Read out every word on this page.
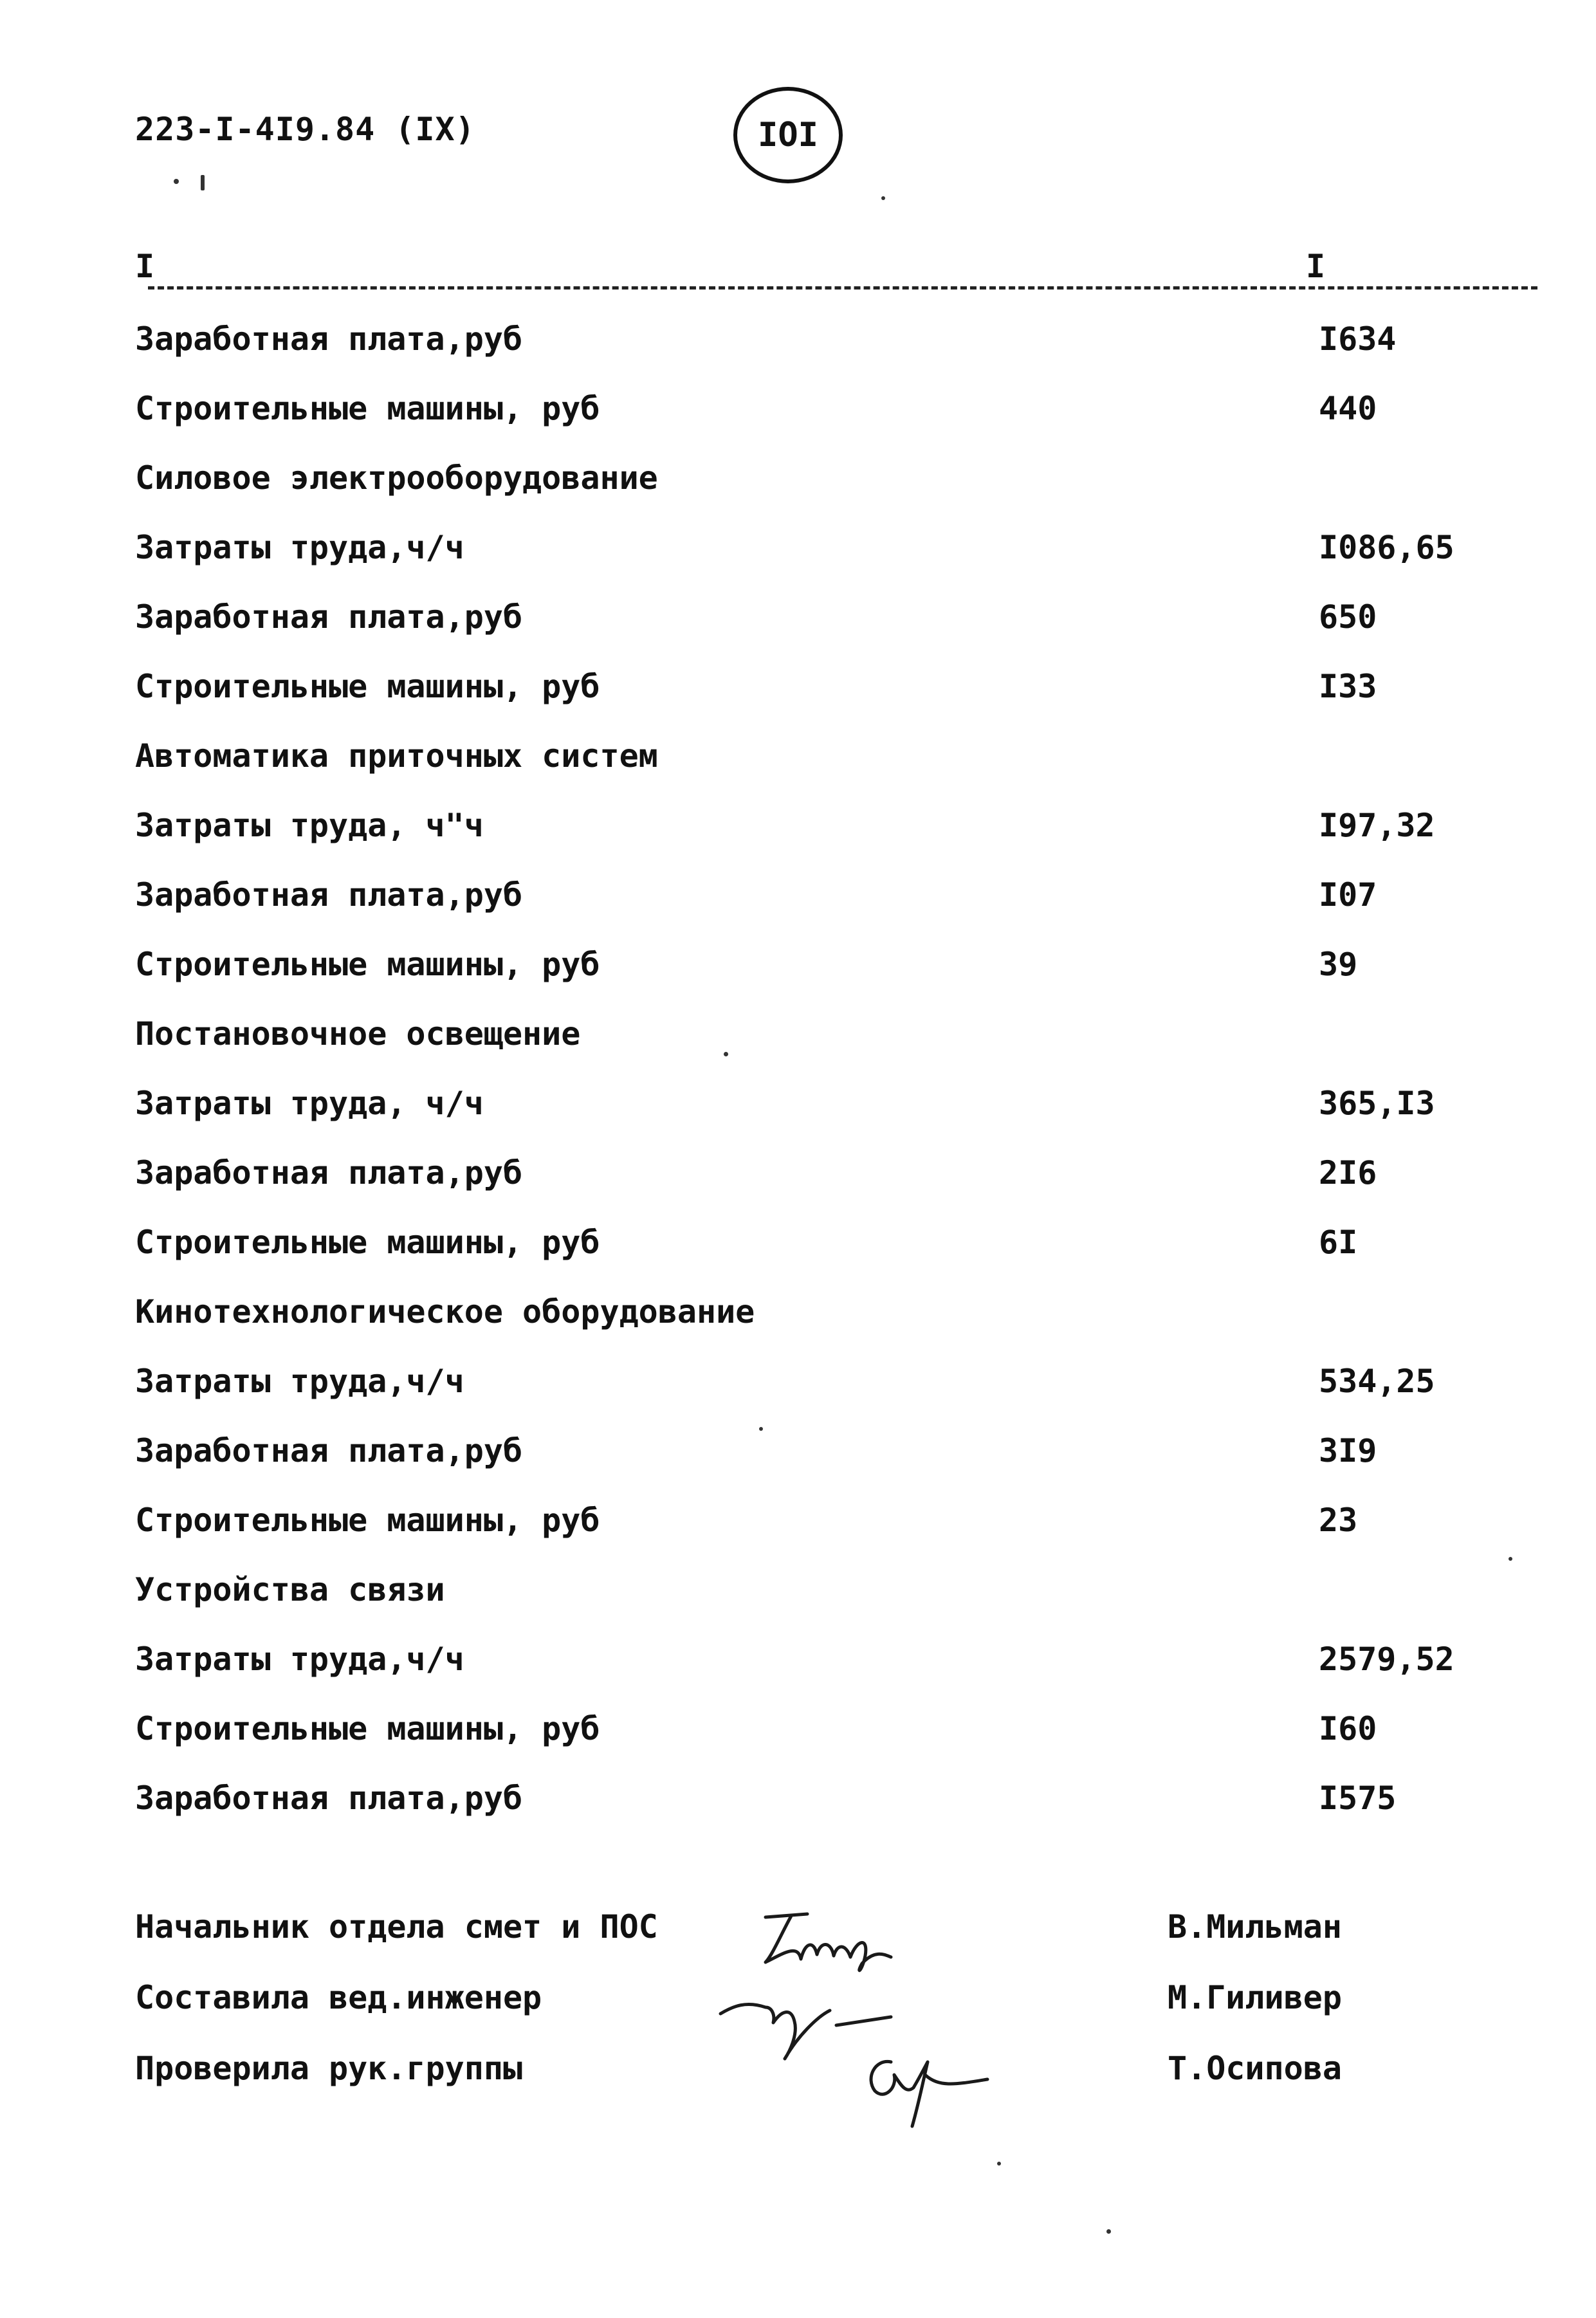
223-I-4I9.84 (IX)	IOI
I	I
Заработная плата,руб	I634
Строительные машины, руб	440
Силовое электрооборудование
Затраты труда,ч/ч	I086,65
Заработная плата,руб	650
Строительные машины, руб	I33
Автоматика приточных систем
Затраты труда, ч"ч	I97,32
Заработная плата,руб	I07
Строительные машины, руб	39
Постановочное освещение
Затраты труда, ч/ч	365,I3
Заработная плата,руб	2I6
Строительные машины, руб	6I
Кинотехнологическое оборудование
Затраты труда,ч/ч	534,25
Заработная плата,руб	3I9
Строительные машины, руб	23
Устройства связи
Затраты труда,ч/ч	2579,52
Строительные машины, руб	I60
Заработная плата,руб	I575
Начальник отдела смет и ПОС	В.Мильман
Составила вед.инженер	М.Гиливер
Проверила рук.группы	Т.Осипова
